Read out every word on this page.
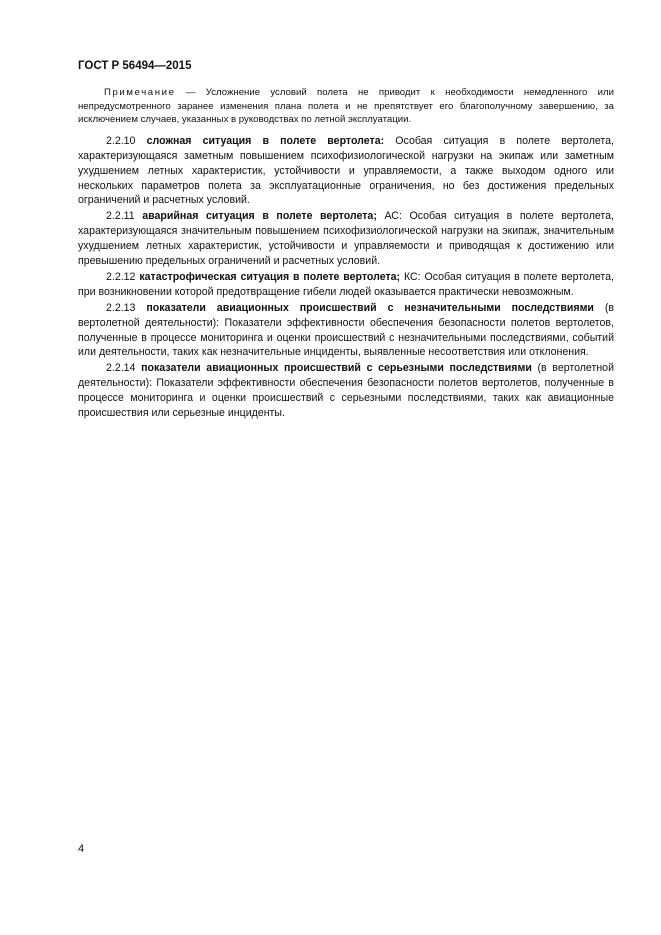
ГОСТ Р 56494—2015

Примечание — Усложнение условий полета не приводит к необходимости немедленного или непредусмотренного заранее изменения плана полета и не препятствует его благополучному завершению, за исключением случаев, указанных в руководствах по летной эксплуатации.

2.2.10 сложная ситуация в полете вертолета: Особая ситуация в полете вертолета, характеризующаяся заметным повышением психофизиологической нагрузки на экипаж или заметным ухудшением летных характеристик, устойчивости и управляемости, а также выходом одного или нескольких параметров полета за эксплуатационные ограничения, но без достижения предельных ограничений и расчетных условий.

2.2.11 аварийная ситуация в полете вертолета; АС: Особая ситуация в полете вертолета, характеризующаяся значительным повышением психофизиологической нагрузки на экипаж, значительным ухудшением летных характеристик, устойчивости и управляемости и приводящая к достижению или превышению предельных ограничений и расчетных условий.

2.2.12 катастрофическая ситуация в полете вертолета; КС: Особая ситуация в полете вертолета, при возникновении которой предотвращение гибели людей оказывается практически невозможным.

2.2.13 показатели авиационных происшествий с незначительными последствиями (в вертолетной деятельности): Показатели эффективности обеспечения безопасности полетов вертолетов, полученные в процессе мониторинга и оценки происшествий с незначительными последствиями, событий или деятельности, таких как незначительные инциденты, выявленные несоответствия или отклонения.

2.2.14 показатели авиационных происшествий с серьезными последствиями (в вертолетной деятельности): Показатели эффективности обеспечения безопасности полетов вертолетов, полученные в процессе мониторинга и оценки происшествий с серьезными последствиями, таких как авиационные происшествия или серьезные инциденты.

4
